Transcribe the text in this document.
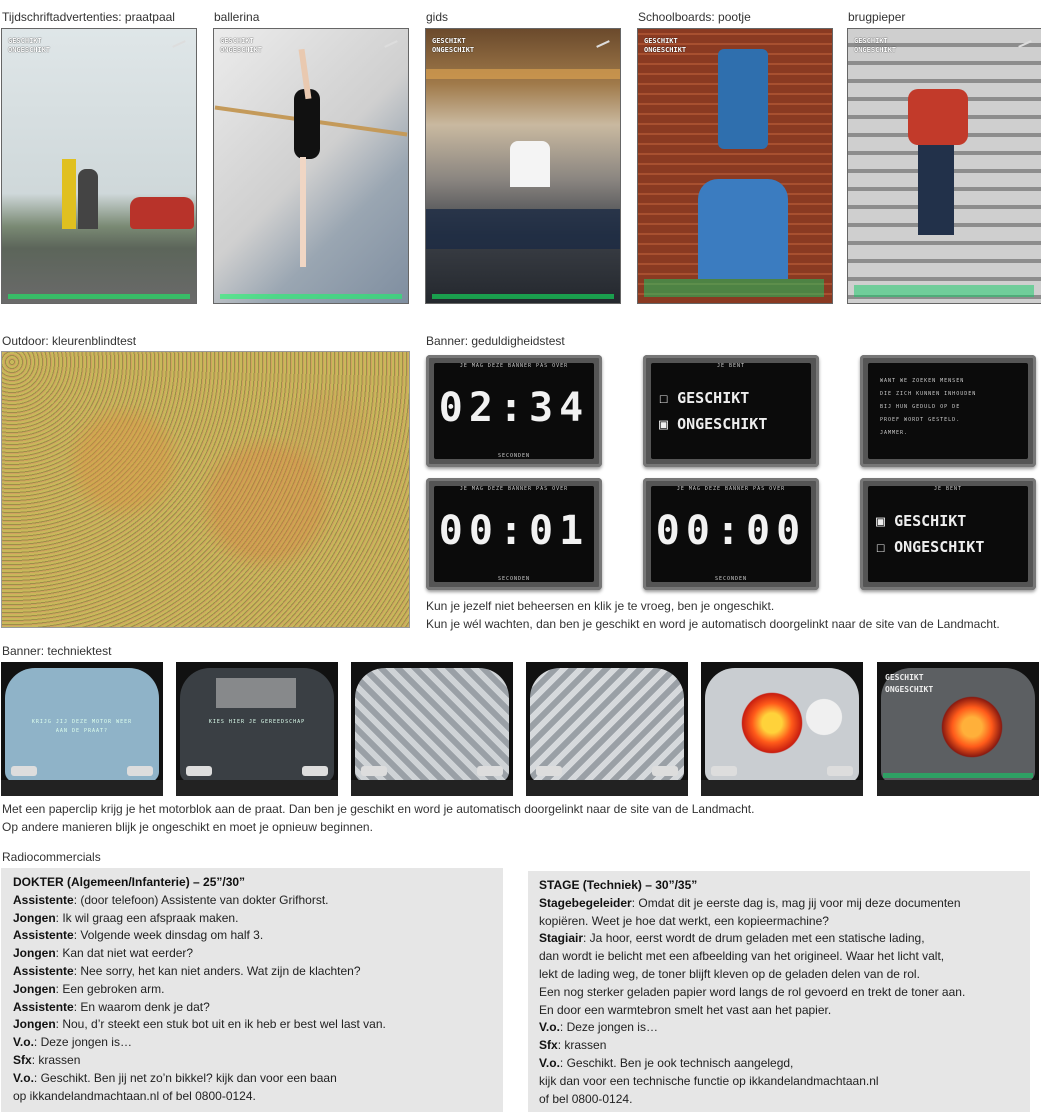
Tijdschriftadvertenties: praatpaal	ballerina	gids	Schoolboards: pootje	brugpieper
GESCHIKT
ONGESCHIKT
GESCHIKT
ONGESCHIKT
GESCHIKT
ONGESCHIKT
GESCHIKT
ONGESCHIKT
GESCHIKT
ONGESCHIKT
Outdoor: kleurenblindtest	Banner: geduldigheidstest
JE MAG DEZE BANNER PAS OVER
02:34
SECONDEN
JE BENT
☐ GESCHIKT
▣ ONGESCHIKT
WANT WE ZOEKEN MENSEN
DIE ZICH KUNNEN INHOUDEN
BIJ HUN GEDULD OP DE
PROEF WORDT GESTELD.
JAMMER.
JE MAG DEZE BANNER PAS OVER
00:01
SECONDEN
JE MAG DEZE BANNER PAS OVER
00:00
SECONDEN
JE BENT
▣ GESCHIKT
☐ ONGESCHIKT
Kun je jezelf niet beheersen en klik je te vroeg, ben je ongeschikt.
Kun je wél wachten, dan ben je geschikt en word je automatisch doorgelinkt naar de site van de Landmacht.
Banner: techniektest
KRIJG JIJ DEZE MOTOR WEER
AAN DE PRAAT?
KIES HIER JE GEREEDSCHAP
GESCHIKT
ONGESCHIKT
Met een paperclip krijg je het motorblok aan de praat. Dan ben je geschikt en word je automatisch doorgelinkt naar de site van de Landmacht.
Op andere manieren blijk je ongeschikt en moet je opnieuw beginnen.
Radiocommercials
DOKTER (Algemeen/Infanterie) – 25”/30”
Assistente: (door telefoon) Assistente van dokter Grifhorst.
Jongen: Ik wil graag een afspraak maken.
Assistente: Volgende week dinsdag om half 3.
Jongen: Kan dat niet wat eerder?
Assistente: Nee sorry, het kan niet anders. Wat zijn de klachten?
Jongen: Een gebroken arm.
Assistente: En waarom denk je dat?
Jongen: Nou, d’r steekt een stuk bot uit en ik heb er best wel last van.
V.o.: Deze jongen is…
Sfx: krassen
V.o.: Geschikt. Ben jij net zo’n bikkel? kijk dan voor een baan
op ikkandelandmachtaan.nl of bel 0800-0124.
STAGE (Techniek) – 30”/35”
Stagebegeleider: Omdat dit je eerste dag is, mag jij voor mij deze documenten
kopiëren. Weet je hoe dat werkt, een kopieermachine?
Stagiair: Ja hoor, eerst wordt de drum geladen met een statische lading,
dan wordt ie belicht met een afbeelding van het origineel. Waar het licht valt,
lekt de lading weg, de toner blijft kleven op de geladen delen van de rol.
Een nog sterker geladen papier word langs de rol gevoerd en trekt de toner aan.
En door een warmtebron smelt het vast aan het papier.
V.o.: Deze jongen is…
Sfx: krassen
V.o.: Geschikt. Ben je ook technisch aangelegd,
kijk dan voor een technische functie op ikkandelandmachtaan.nl
of bel 0800-0124.
